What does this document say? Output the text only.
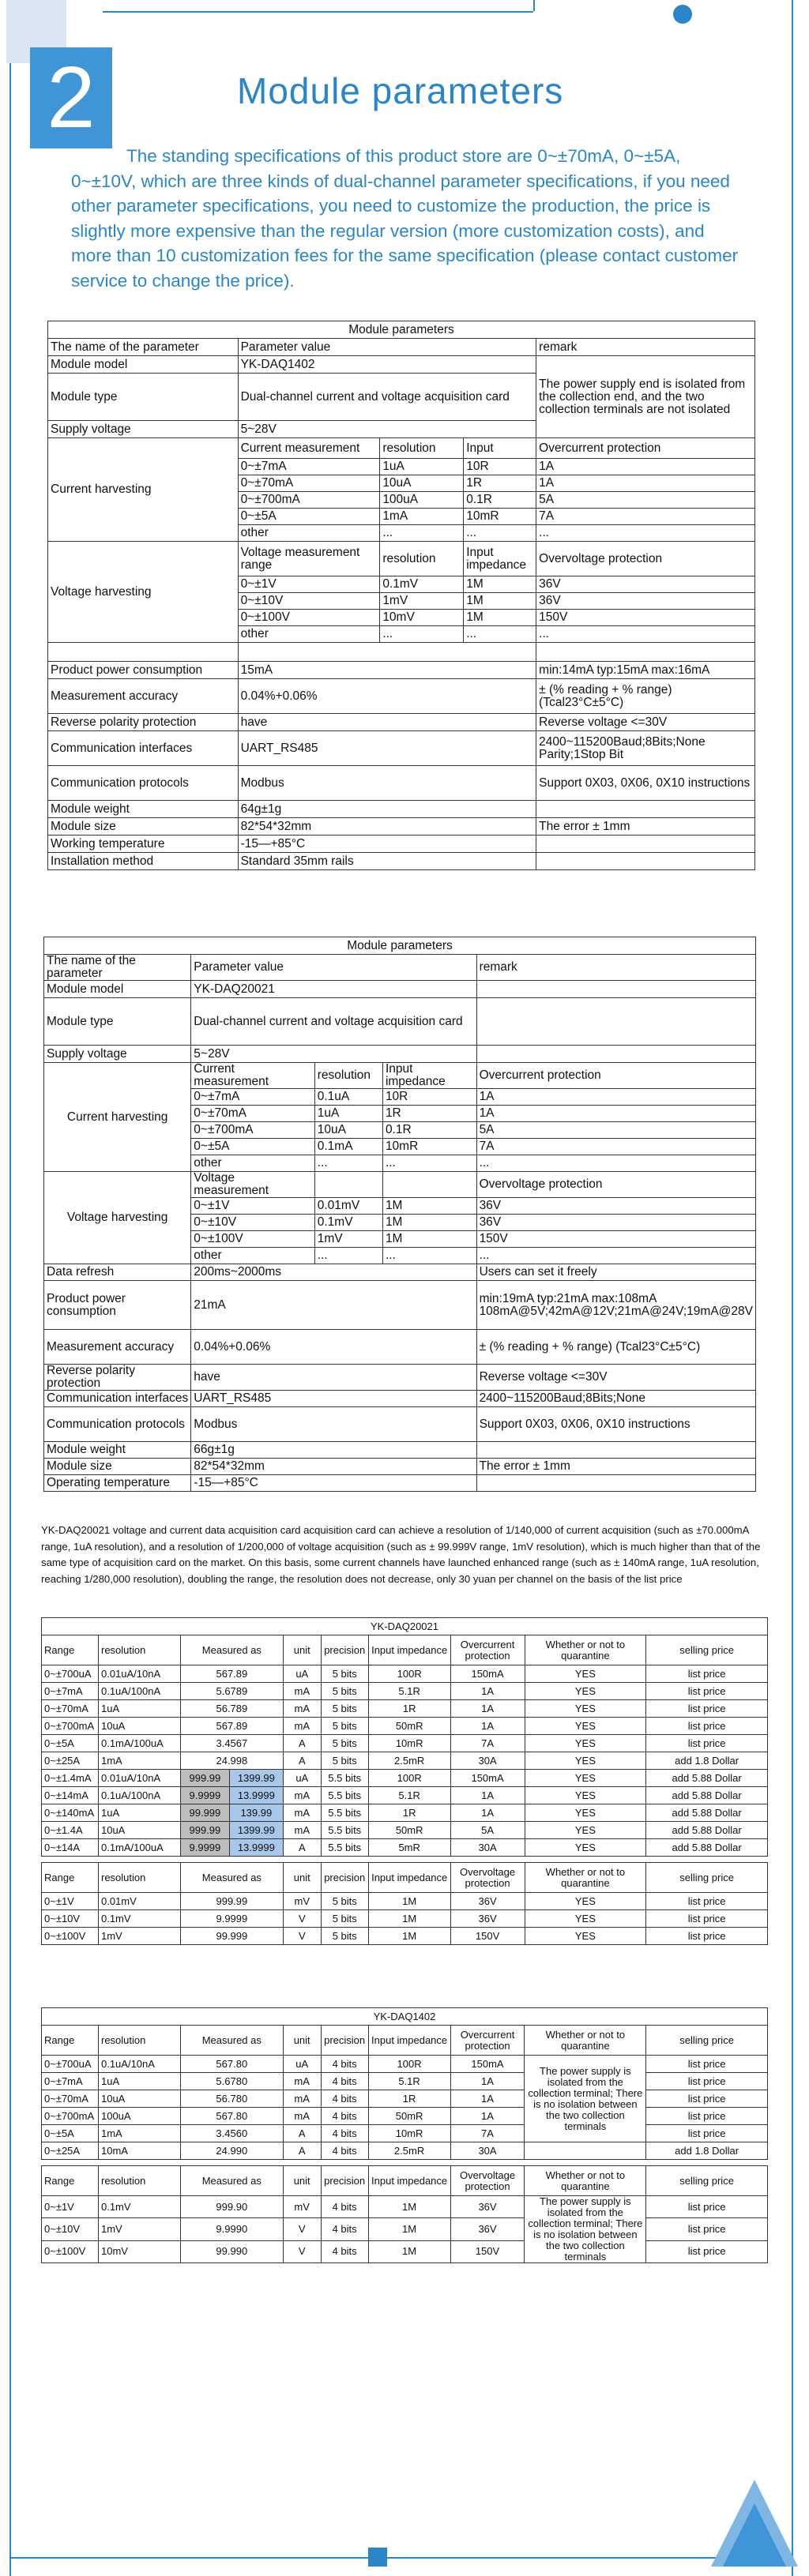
2	Module parameters
The standing specifications of this product store are 0~±70mA, 0~±5A, 0~±10V, which are three kinds of dual-channel parameter specifications, if you need other parameter specifications, you need to customize the production, the price is slightly more expensive than the regular version (more customization costs), and more than 10 customization fees for the same specification (please contact customer service to change the price).
Module parameters				
The name of the parameter	Parameter value			remark
Module model	YK-DAQ1402			The power supply end is isolated from the collection end, and the two collection terminals are not isolated
Module type	Dual-channel current and voltage acquisition card			
Supply voltage	5~28V			
Current harvesting	Current measurement	resolution	Input	Overcurrent protection
	0~±7mA	1uA	10R	1A
	0~±70mA	10uA	1R	1A
	0~±700mA	100uA	0.1R	5A
	0~±5A	1mA	10mR	7A
	other	...	...	...
Voltage harvesting	Voltage measurement range	resolution	Input impedance	Overvoltage protection
	0~±1V	0.1mV	1M	36V
	0~±10V	1mV	1M	36V
	0~±100V	10mV	1M	150V
	other	...	...	...

Product power consumption	15mA			min:14mA typ:15mA max:16mA
Measurement accuracy	0.04%+0.06%			± (% reading + % range) (Tcal23°C±5°C)
Reverse polarity protection	have			Reverse voltage <=30V
Communication interfaces	UART_RS485			2400~115200Baud;8Bits;None Parity;1Stop Bit
Communication protocols	Modbus			Support 0X03, 0X06, 0X10 instructions
Module weight	64g±1g			
Module size	82*54*32mm			The error ± 1mm
Working temperature	-15—+85°C			
Installation method	Standard 35mm rails			
Module parameters				
The name of the parameter	Parameter value			remark
Module model	YK-DAQ20021			
Module type	Dual-channel current and voltage acquisition card			
Supply voltage	5~28V			
Current harvesting	Current measurement	resolution	Input impedance	Overcurrent protection
	0~±7mA	0.1uA	10R	1A
	0~±70mA	1uA	1R	1A
	0~±700mA	10uA	0.1R	5A
	0~±5A	0.1mA	10mR	7A
	other	...	...	...
Voltage harvesting	Voltage measurement			Overvoltage protection
	0~±1V	0.01mV	1M	36V
	0~±10V	0.1mV	1M	36V
	0~±100V	1mV	1M	150V
	other	...	...	...
Data refresh	200ms~2000ms			Users can set it freely
Product power consumption	21mA			min:19mA typ:21mA max:108mA 108mA@5V;42mA@12V;21mA@24V;19mA@28V
Measurement accuracy	0.04%+0.06%			± (% reading + % range) (Tcal23°C±5°C)
Reverse polarity protection	have			Reverse voltage <=30V
Communication interfaces	UART_RS485			2400~115200Baud;8Bits;None
Communication protocols	Modbus			Support 0X03, 0X06, 0X10 instructions
Module weight	66g±1g			
Module size	82*54*32mm			The error ± 1mm
Operating temperature	-15—+85°C			
YK-DAQ20021 voltage and current data acquisition card acquisition card can achieve a resolution of 1/140,000 of current acquisition (such as ±70.000mA range, 1uA resolution), and a resolution of 1/200,000 of voltage acquisition (such as ± 99.999V range, 1mV resolution), which is much higher than that of the same type of acquisition card on the market. On this basis, some current channels have launched enhanced range (such as ± 140mA range, 1uA resolution, reaching 1/280,000 resolution), doubling the range, the resolution does not decrease, only 30 yuan per channel on the basis of the list price
YK-DAQ20021									
Range	resolution	Measured as		unit	precision	Input impedance	Overcurrent protection	Whether or not to quarantine	selling price
0~±700uA	0.01uA/10nA	567.89		uA	5 bits	100R	150mA	YES	list price
0~±7mA	0.1uA/100nA	5.6789		mA	5 bits	5.1R	1A	YES	list price
0~±70mA	1uA	56.789		mA	5 bits	1R	1A	YES	list price
0~±700mA	10uA	567.89		mA	5 bits	50mR	1A	YES	list price
0~±5A	0.1mA/100uA	3.4567		A	5 bits	10mR	7A	YES	list price
0~±25A	1mA	24.998		A	5 bits	2.5mR	30A	YES	add 1.8 Dollar
0~±1.4mA	0.01uA/10nA	999.99	1399.99	uA	5.5 bits	100R	150mA	YES	add 5.88 Dollar
0~±14mA	0.1uA/100nA	9.9999	13.9999	mA	5.5 bits	5.1R	1A	YES	add 5.88 Dollar
0~±140mA	1uA	99.999	139.99	mA	5.5 bits	1R	1A	YES	add 5.88 Dollar
0~±1.4A	10uA	999.99	1399.99	mA	5.5 bits	50mR	5A	YES	add 5.88 Dollar
0~±14A	0.1mA/100uA	9.9999	13.9999	A	5.5 bits	5mR	30A	YES	add 5.88 Dollar

Range	resolution	Measured as		unit	precision	Input impedance	Overvoltage protection	Whether or not to quarantine	selling price
0~±1V	0.01mV	999.99		mV	5 bits	1M	36V	YES	list price
0~±10V	0.1mV	9.9999		V	5 bits	1M	36V	YES	list price
0~±100V	1mV	99.999		V	5 bits	1M	150V	YES	list price
YK-DAQ1402								
Range	resolution	Measured as	unit	precision	Input impedance	Overcurrent protection	Whether or not to quarantine	selling price
0~±700uA	0.1uA/10nA	567.80	uA	4 bits	100R	150mA	The power supply is isolated from the collection terminal; There is no isolation between the two collection terminals	list price
0~±7mA	1uA	5.6780	mA	4 bits	5.1R	1A		list price
0~±70mA	10uA	56.780	mA	4 bits	1R	1A		list price
0~±700mA	100uA	567.80	mA	4 bits	50mR	1A		list price
0~±5A	1mA	3.4560	A	4 bits	10mR	7A		list price
0~±25A	10mA	24.990	A	4 bits	2.5mR	30A		add 1.8 Dollar

Range	resolution	Measured as	unit	precision	Input impedance	Overvoltage protection	Whether or not to quarantine	selling price
0~±1V	0.1mV	999.90	mV	4 bits	1M	36V	The power supply is isolated from the collection terminal; There is no isolation between the two collection terminals	list price
0~±10V	1mV	9.9990	V	4 bits	1M	36V		list price
0~±100V	10mV	99.990	V	4 bits	1M	150V		list price
